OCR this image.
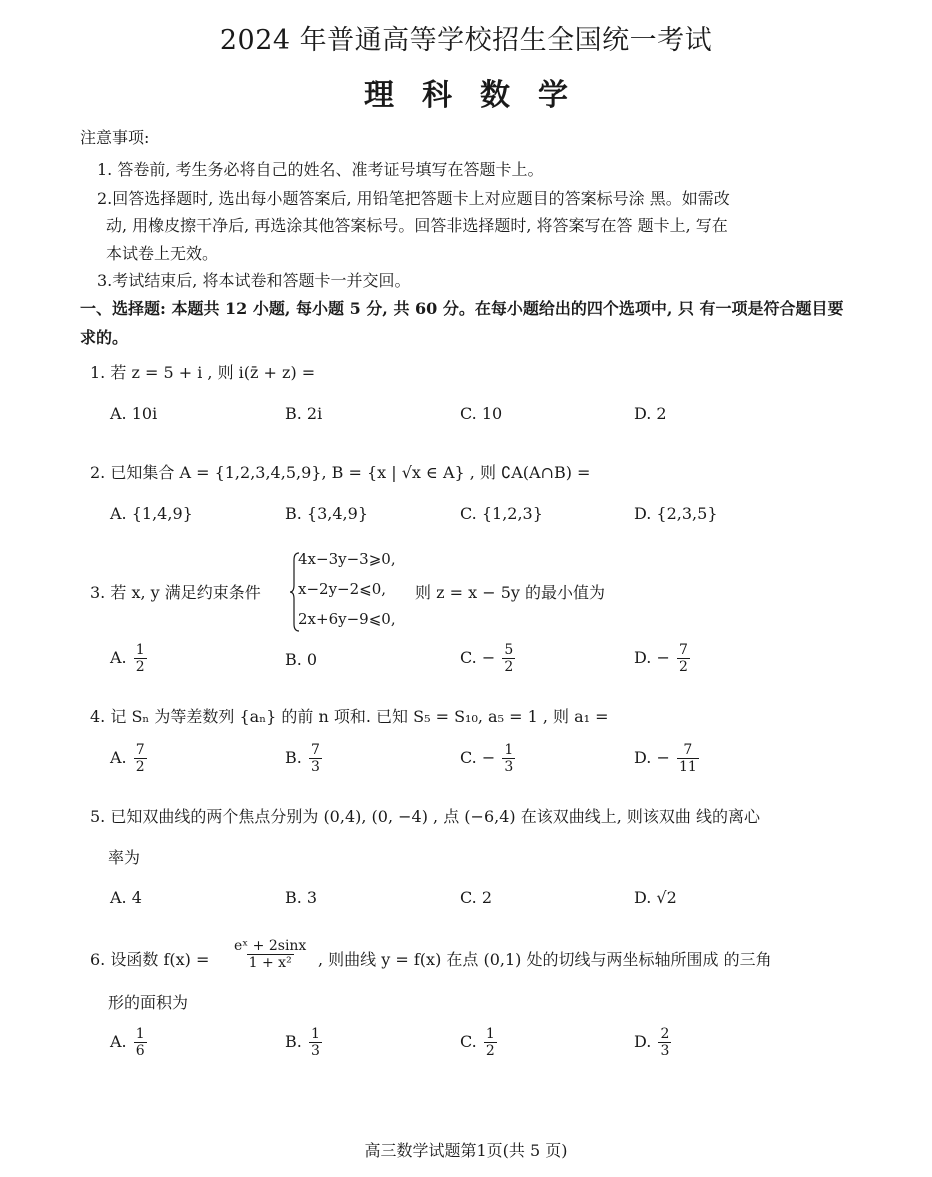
2024 年普通高等学校招生全国统一考试
理科数学
注意事项:
1. 答卷前, 考生务必将自己的姓名、准考证号填写在答题卡上。
2.回答选择题时, 选出每小题答案后, 用铅笔把答题卡上对应题目的答案标号涂 黑。如需改
动, 用橡皮擦干净后, 再选涂其他答案标号。回答非选择题时, 将答案写在答 题卡上, 写在
本试卷上无效。
3.考试结束后, 将本试卷和答题卡一并交回。
一、选择题: 本题共 12 小题, 每小题 5 分, 共 60 分。在每小题给出的四个选项中, 只 有一项是符合题目要求的。
1. 若 z = 5 + i , 则 i(z̄ + z) =
A. 10i	B. 2i	C. 10	D. 2
2. 已知集合 A = {1,2,3,4,5,9}, B = {x | √x ∈ A} , 则 ∁A(A∩B) =
A. {1,4,9}	B. {3,4,9}	C. {1,2,3}	D. {2,3,5}
3. 若 x, y 满足约束条件
4x−3y−3⩾0,
x−2y−2⩽0,
2x+6y−9⩽0,
则 z = x − 5y 的最小值为
A. $\frac{1}{2}$	B. 0	C. − $\frac{5}{2}$	D. − $\frac{7}{2}$
4. 记 Sₙ 为等差数列 {aₙ} 的前 n 项和. 已知 S₅ = S₁₀, a₅ = 1 , 则 a₁ =
A. $\frac{7}{2}$	B. $\frac{7}{3}$	C. − $\frac{1}{3}$	D. − $\frac{7}{11}$
5. 已知双曲线的两个焦点分别为 (0,4), (0, −4) , 点 (−6,4) 在该双曲线上, 则该双曲 线的离心
率为
A. 4	B. 3	C. 2	D. √2
6. 设函数 $f(x) = \frac{\text{eˣ + 2sinx}}{\text{1 + x²}}$ , 则曲线 y = f(x) 在点 (0,1) 处的切线与两坐标轴所围成 的三角
形的面积为
A. $\frac{1}{6}$	B. $\frac{1}{3}$	C. $\frac{1}{2}$	D. $\frac{2}{3}$
高三数学试题第1页(共 5 页)
